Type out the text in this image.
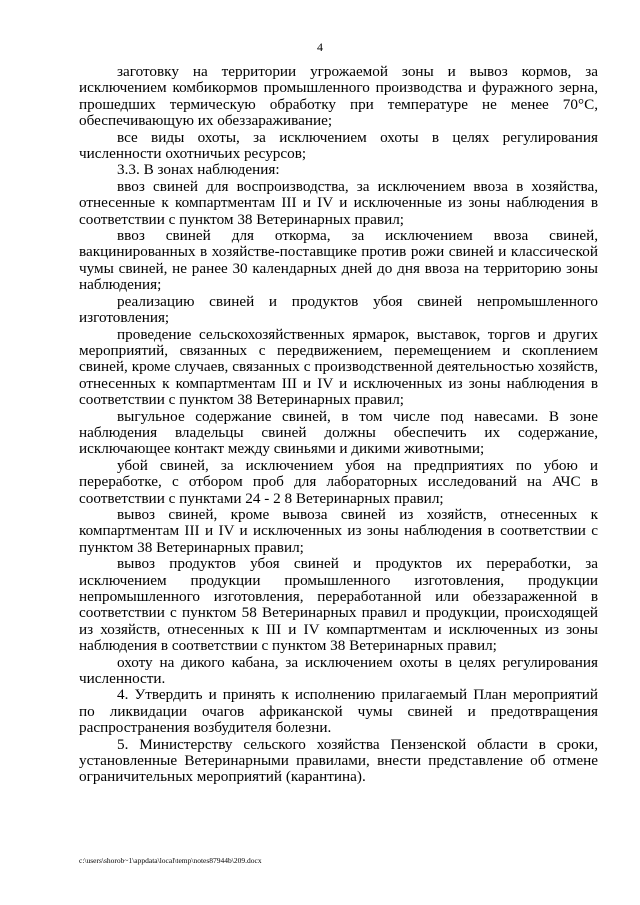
4

заготовку на территории угрожаемой зоны и вывоз кормов, за исключением комбикормов промышленного производства и фуражного зерна, прошедших термическую обработку при температуре не менее 70°С, обеспечивающую их обеззараживание;

все виды охоты, за исключением охоты в целях регулирования численности охотничьих ресурсов;

3.3. В зонах наблюдения:

ввоз свиней для воспроизводства, за исключением ввоза в хозяйства, отнесенные к компартментам III и IV и исключенные из зоны наблюдения в соответствии с пунктом 38 Ветеринарных правил;

ввоз свиней для откорма, за исключением ввоза свиней, вакцинированных в хозяйстве-поставщике против рожи свиней и классической чумы свиней, не ранее 30 календарных дней до дня ввоза на территорию зоны наблюдения;

реализацию свиней и продуктов убоя свиней непромышленного изготовления;

проведение сельскохозяйственных ярмарок, выставок, торгов и других мероприятий, связанных с передвижением, перемещением и скоплением свиней, кроме случаев, связанных с производственной деятельностью хозяйств, отнесенных к компартментам III и IV и исключенных из зоны наблюдения в соответствии с пунктом 38 Ветеринарных правил;

выгульное содержание свиней, в том числе под навесами. В зоне наблюдения владельцы свиней должны обеспечить их содержание, исключающее контакт между свиньями и дикими животными;

убой свиней, за исключением убоя на предприятиях по убою и переработке, с отбором проб для лабораторных исследований на АЧС в соответствии с пунктами 24 - 2 8 Ветеринарных правил;

вывоз свиней, кроме вывоза свиней из хозяйств, отнесенных к компартментам III и IV и исключенных из зоны наблюдения в соответствии с пунктом 38 Ветеринарных правил;

вывоз продуктов убоя свиней и продуктов их переработки, за исключением продукции промышленного изготовления, продукции непромышленного изготовления, переработанной или обеззараженной в соответствии с пунктом 58 Ветеринарных правил и продукции, происходящей из хозяйств, отнесенных к III и IV компартментам и исключенных из зоны наблюдения в соответствии с пунктом 38 Ветеринарных правил;

охоту на дикого кабана, за исключением охоты в целях регулирования численности.

4. Утвердить и принять к исполнению прилагаемый План мероприятий по ликвидации очагов африканской чумы свиней и предотвращения распространения возбудителя болезни.

5. Министерству сельского хозяйства Пензенской области в сроки, установленные Ветеринарными правилами, внести представление об отмене ограничительных мероприятий (карантина).

c:\users\shorob~1\appdata\local\temp\notes87944b\209.docx
